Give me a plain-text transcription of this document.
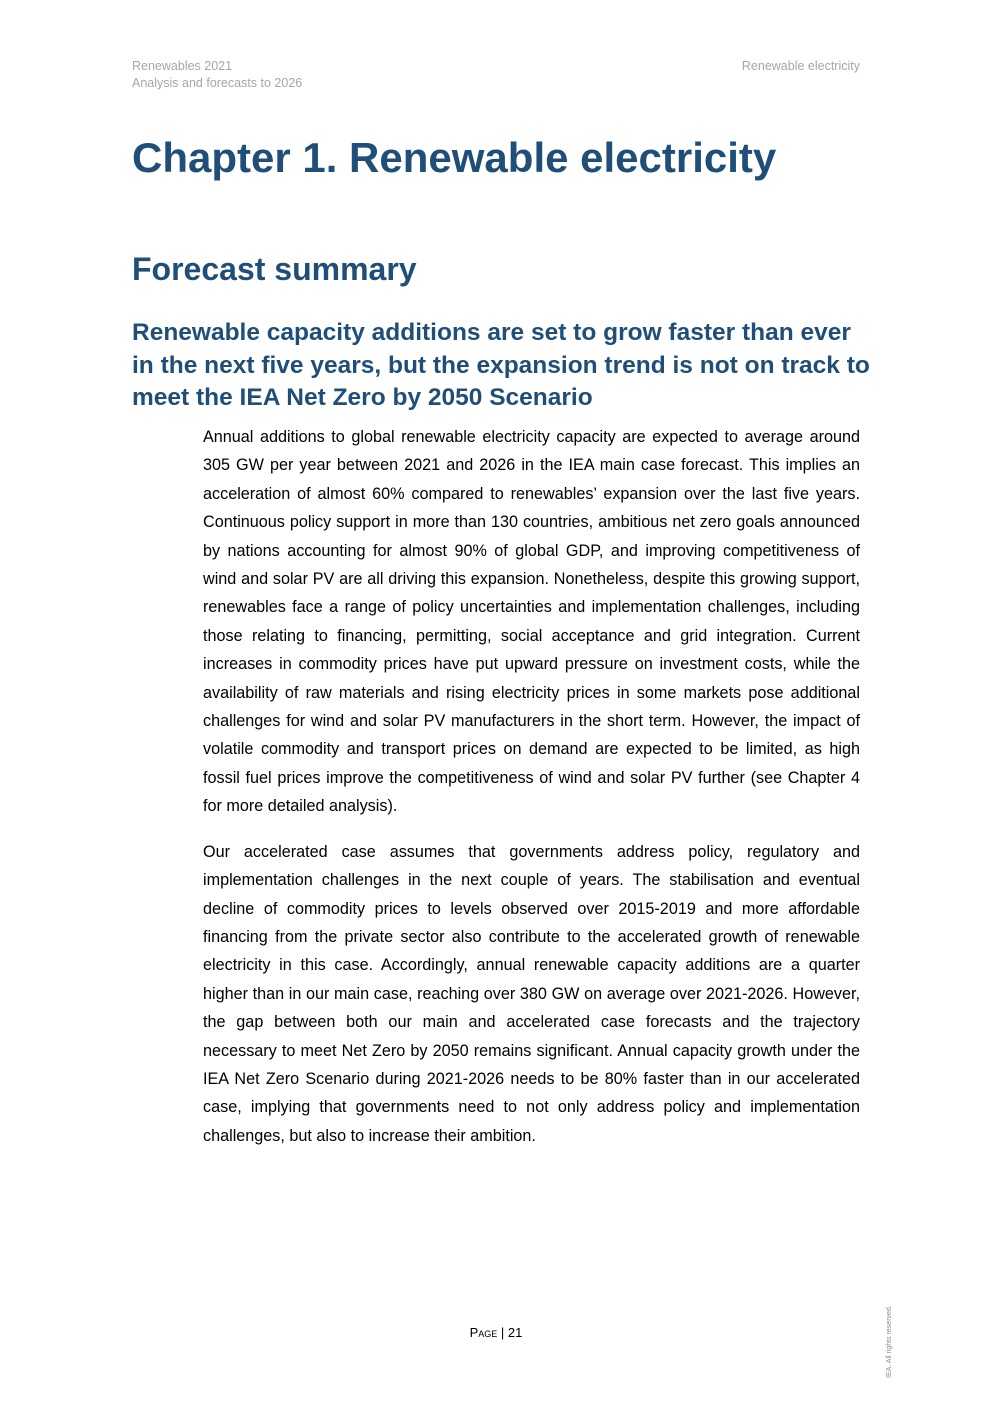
Renewables 2021
Analysis and forecasts to 2026
Renewable electricity
Chapter 1. Renewable electricity
Forecast summary
Renewable capacity additions are set to grow faster than ever in the next five years, but the expansion trend is not on track to meet the IEA Net Zero by 2050 Scenario

Annual additions to global renewable electricity capacity are expected to average around 305 GW per year between 2021 and 2026 in the IEA main case forecast. This implies an acceleration of almost 60% compared to renewables’ expansion over the last five years. Continuous policy support in more than 130 countries, ambitious net zero goals announced by nations accounting for almost 90% of global GDP, and improving competitiveness of wind and solar PV are all driving this expansion. Nonetheless, despite this growing support, renewables face a range of policy uncertainties and implementation challenges, including those relating to financing, permitting, social acceptance and grid integration. Current increases in commodity prices have put upward pressure on investment costs, while the availability of raw materials and rising electricity prices in some markets pose additional challenges for wind and solar PV manufacturers in the short term. However, the impact of volatile commodity and transport prices on demand are expected to be limited, as high fossil fuel prices improve the competitiveness of wind and solar PV further (see Chapter 4 for more detailed analysis).

Our accelerated case assumes that governments address policy, regulatory and implementation challenges in the next couple of years. The stabilisation and eventual decline of commodity prices to levels observed over 2015-2019 and more affordable financing from the private sector also contribute to the accelerated growth of renewable electricity in this case. Accordingly, annual renewable capacity additions are a quarter higher than in our main case, reaching over 380 GW on average over 2021-2026. However, the gap between both our main and accelerated case forecasts and the trajectory necessary to meet Net Zero by 2050 remains significant. Annual capacity growth under the IEA Net Zero Scenario during 2021-2026 needs to be 80% faster than in our accelerated case, implying that governments need to not only address policy and implementation challenges, but also to increase their ambition.

Page | 21	IEA. All rights reserved.
